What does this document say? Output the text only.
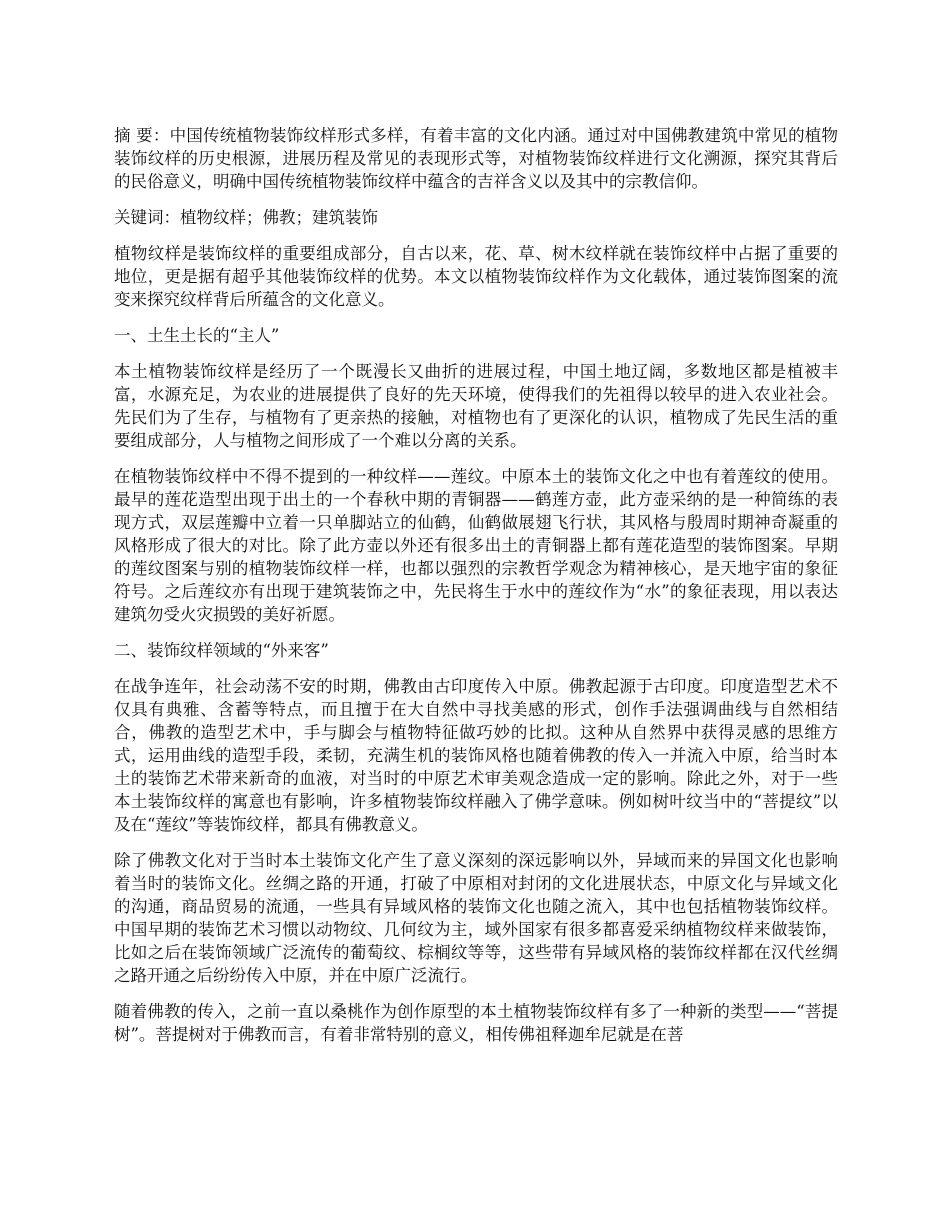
摘 要：中国传统植物装饰纹样形式多样，有着丰富的文化内涵。通过对中国佛教建筑中常见的植物装饰纹样的历史根源，进展历程及常见的表现形式等，对植物装饰纹样进行文化溯源，探究其背后的民俗意义，明确中国传统植物装饰纹样中蕴含的吉祥含义以及其中的宗教信仰。

关键词：植物纹样；佛教；建筑装饰

植物纹样是装饰纹样的重要组成部分，自古以来，花、草、树木纹样就在装饰纹样中占据了重要的地位，更是据有超乎其他装饰纹样的优势。本文以植物装饰纹样作为文化载体，通过装饰图案的流变来探究纹样背后所蕴含的文化意义。

一、土生土长的“主人”

本土植物装饰纹样是经历了一个既漫长又曲折的进展过程，中国土地辽阔，多数地区都是植被丰富，水源充足，为农业的进展提供了良好的先天环境，使得我们的先祖得以较早的进入农业社会。先民们为了生存，与植物有了更亲热的接触，对植物也有了更深化的认识，植物成了先民生活的重要组成部分，人与植物之间形成了一个难以分离的关系。

在植物装饰纹样中不得不提到的一种纹样——莲纹。中原本土的装饰文化之中也有着莲纹的使用。最早的莲花造型出现于出土的一个春秋中期的青铜器——鹤莲方壶，此方壶采纳的是一种简练的表现方式，双层莲瓣中立着一只单脚站立的仙鹤，仙鹤做展翅飞行状，其风格与殷周时期神奇凝重的风格形成了很大的对比。除了此方壶以外还有很多出土的青铜器上都有莲花造型的装饰图案。早期的莲纹图案与别的植物装饰纹样一样，也都以强烈的宗教哲学观念为精神核心，是天地宇宙的象征符号。之后莲纹亦有出现于建筑装饰之中，先民将生于水中的莲纹作为“水”的象征表现，用以表达建筑勿受火灾损毁的美好祈愿。

二、装饰纹样领域的“外来客”

在战争连年，社会动荡不安的时期，佛教由古印度传入中原。佛教起源于古印度。印度造型艺术不仅具有典雅、含蓄等特点，而且擅于在大自然中寻找美感的形式，创作手法强调曲线与自然相结合，佛教的造型艺术中，手与脚会与植物特征做巧妙的比拟。这种从自然界中获得灵感的思维方式，运用曲线的造型手段，柔韧，充满生机的装饰风格也随着佛教的传入一并流入中原，给当时本土的装饰艺术带来新奇的血液，对当时的中原艺术审美观念造成一定的影响。除此之外，对于一些本土装饰纹样的寓意也有影响，许多植物装饰纹样融入了佛学意味。例如树叶纹当中的“菩提纹”以及在“莲纹”等装饰纹样，都具有佛教意义。

除了佛教文化对于当时本土装饰文化产生了意义深刻的深远影响以外，异域而来的异国文化也影响着当时的装饰文化。丝绸之路的开通，打破了中原相对封闭的文化进展状态，中原文化与异域文化的沟通，商品贸易的流通，一些具有异域风格的装饰文化也随之流入，其中也包括植物装饰纹样。中国早期的装饰艺术习惯以动物纹、几何纹为主，域外国家有很多都喜爱采纳植物纹样来做装饰，比如之后在装饰领域广泛流传的葡萄纹、棕榈纹等等，这些带有异域风格的装饰纹样都在汉代丝绸之路开通之后纷纷传入中原，并在中原广泛流行。

随着佛教的传入，之前一直以桑桃作为创作原型的本土植物装饰纹样有多了一种新的类型——“菩提树”。菩提树对于佛教而言，有着非常特别的意义，相传佛祖释迦牟尼就是在菩
